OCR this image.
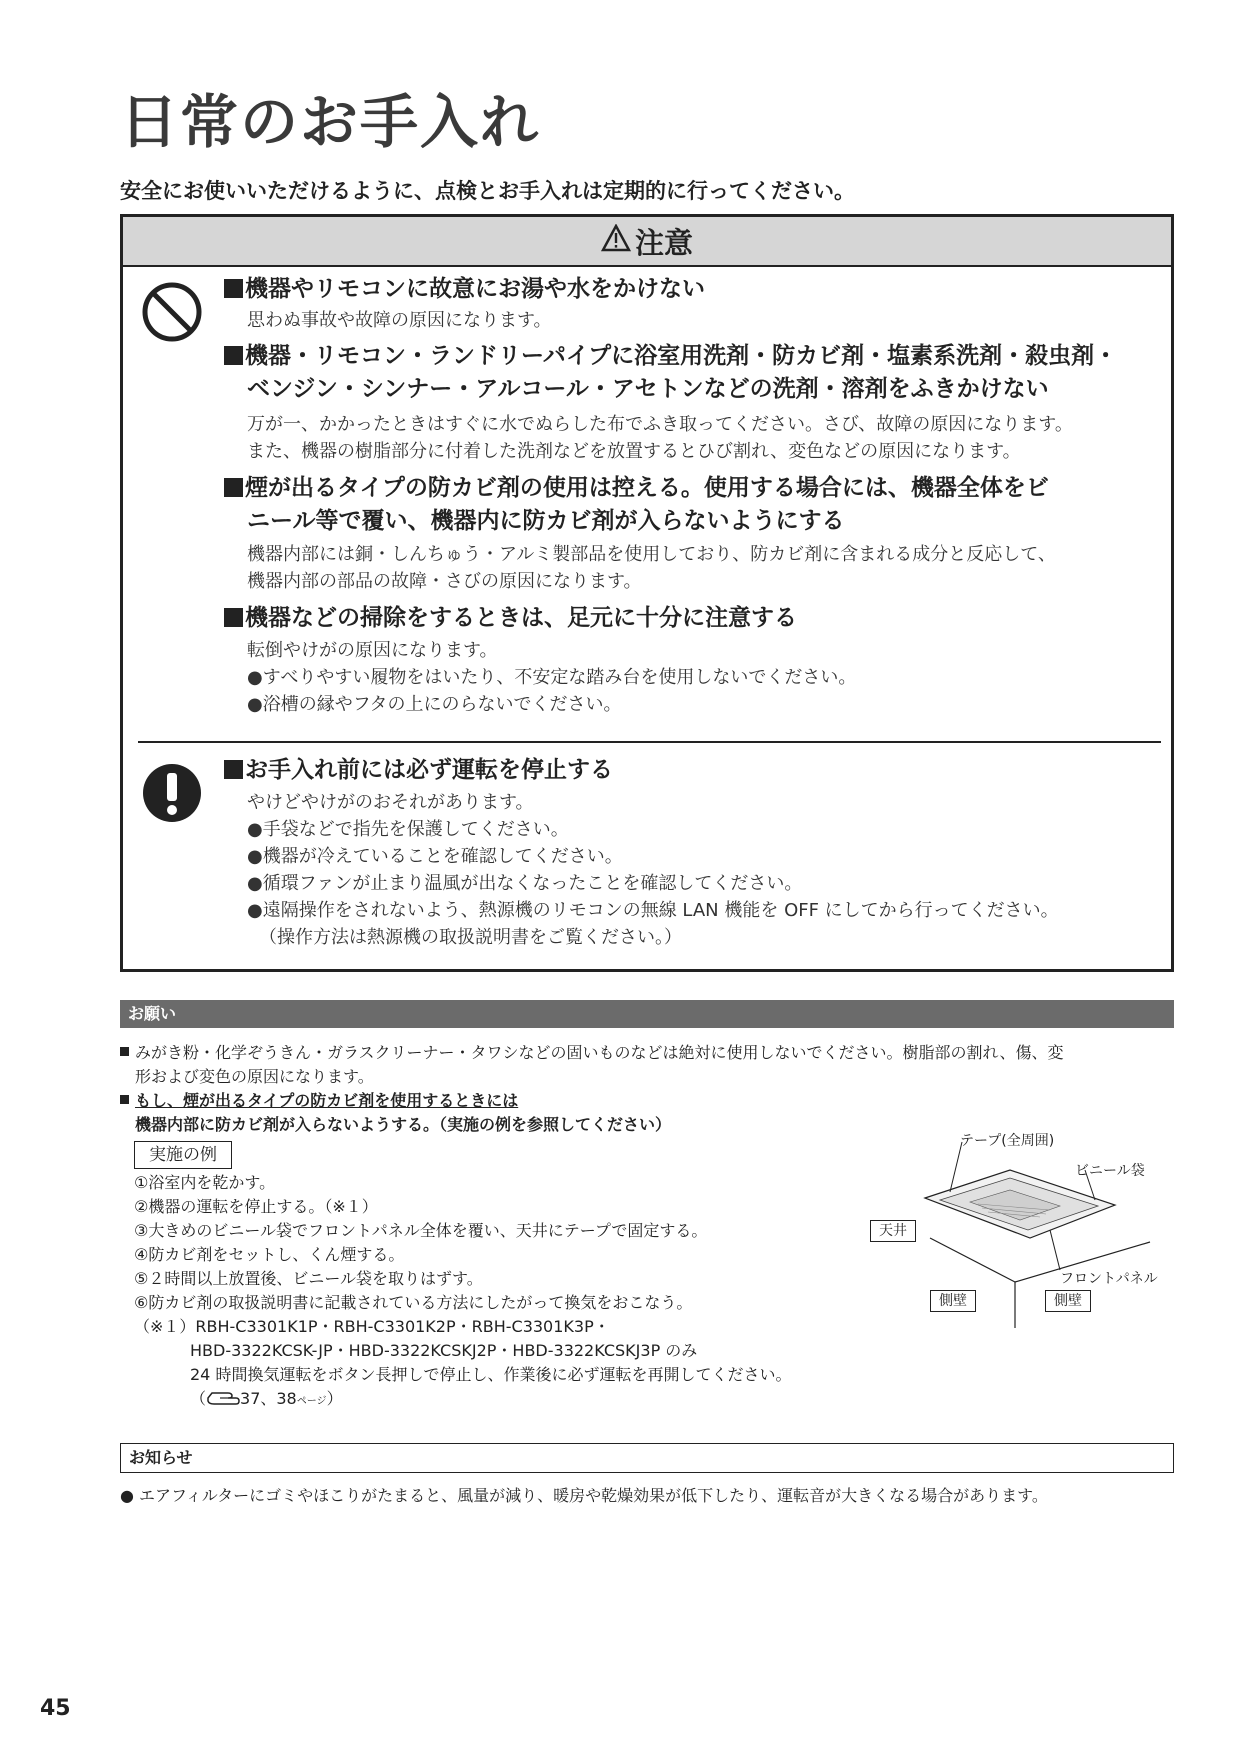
日常のお手入れ
安全にお使いいただけるように、点検とお手入れは定期的に行ってください。
注意
機器やリモコンに故意にお湯や水をかけない
思わぬ事故や故障の原因になります。
機器・リモコン・ランドリーパイプに浴室用洗剤・防カビ剤・塩素系洗剤・殺虫剤・
ベンジン・シンナー・アルコール・アセトンなどの洗剤・溶剤をふきかけない
万が一、かかったときはすぐに水でぬらした布でふき取ってください。さび、故障の原因になります。
また、機器の樹脂部分に付着した洗剤などを放置するとひび割れ、変色などの原因になります。
煙が出るタイプの防カビ剤の使用は控える。使用する場合には、機器全体をビ
ニール等で覆い、機器内に防カビ剤が入らないようにする
機器内部には銅・しんちゅう・アルミ製部品を使用しており、防カビ剤に含まれる成分と反応して、
機器内部の部品の故障・さびの原因になります。
機器などの掃除をするときは、足元に十分に注意する
転倒やけがの原因になります。
●すべりやすい履物をはいたり、不安定な踏み台を使用しないでください。
●浴槽の縁やフタの上にのらないでください。
お手入れ前には必ず運転を停止する
やけどやけがのおそれがあります。
●手袋などで指先を保護してください。
●機器が冷えていることを確認してください。
●循環ファンが止まり温風が出なくなったことを確認してください。
●遠隔操作をされないよう、熱源機のリモコンの無線 LAN 機能を OFF にしてから行ってください。
（操作方法は熱源機の取扱説明書をご覧ください。）
お願い
みがき粉・化学ぞうきん・ガラスクリーナー・タワシなどの固いものなどは絶対に使用しないでください。樹脂部の割れ、傷、変
形および変色の原因になります。
もし、煙が出るタイプの防カビ剤を使用するときには
機器内部に防カビ剤が入らないようする。（実施の例を参照してください）
実施の例
①浴室内を乾かす。
②機器の運転を停止する。（※１）
③大きめのビニール袋でフロントパネル全体を覆い、天井にテープで固定する。
④防カビ剤をセットし、くん煙する。
⑤２時間以上放置後、ビニール袋を取りはずす。
⑥防カビ剤の取扱説明書に記載されている方法にしたがって換気をおこなう。
（※１）RBH-C3301K1P・RBH-C3301K2P・RBH-C3301K3P・
HBD-3322KCSK-JP・HBD-3322KCSKJ2P・HBD-3322KCSKJ3P のみ
24 時間換気運転をボタン長押しで停止し、作業後に必ず運転を再開してください。
（ 37、38ページ）
テープ(全周囲)
ビニール袋
天井
フロントパネル
側壁	側壁
お知らせ
● エアフィルターにゴミやほこりがたまると、風量が減り、暖房や乾燥効果が低下したり、運転音が大きくなる場合があります。
45
